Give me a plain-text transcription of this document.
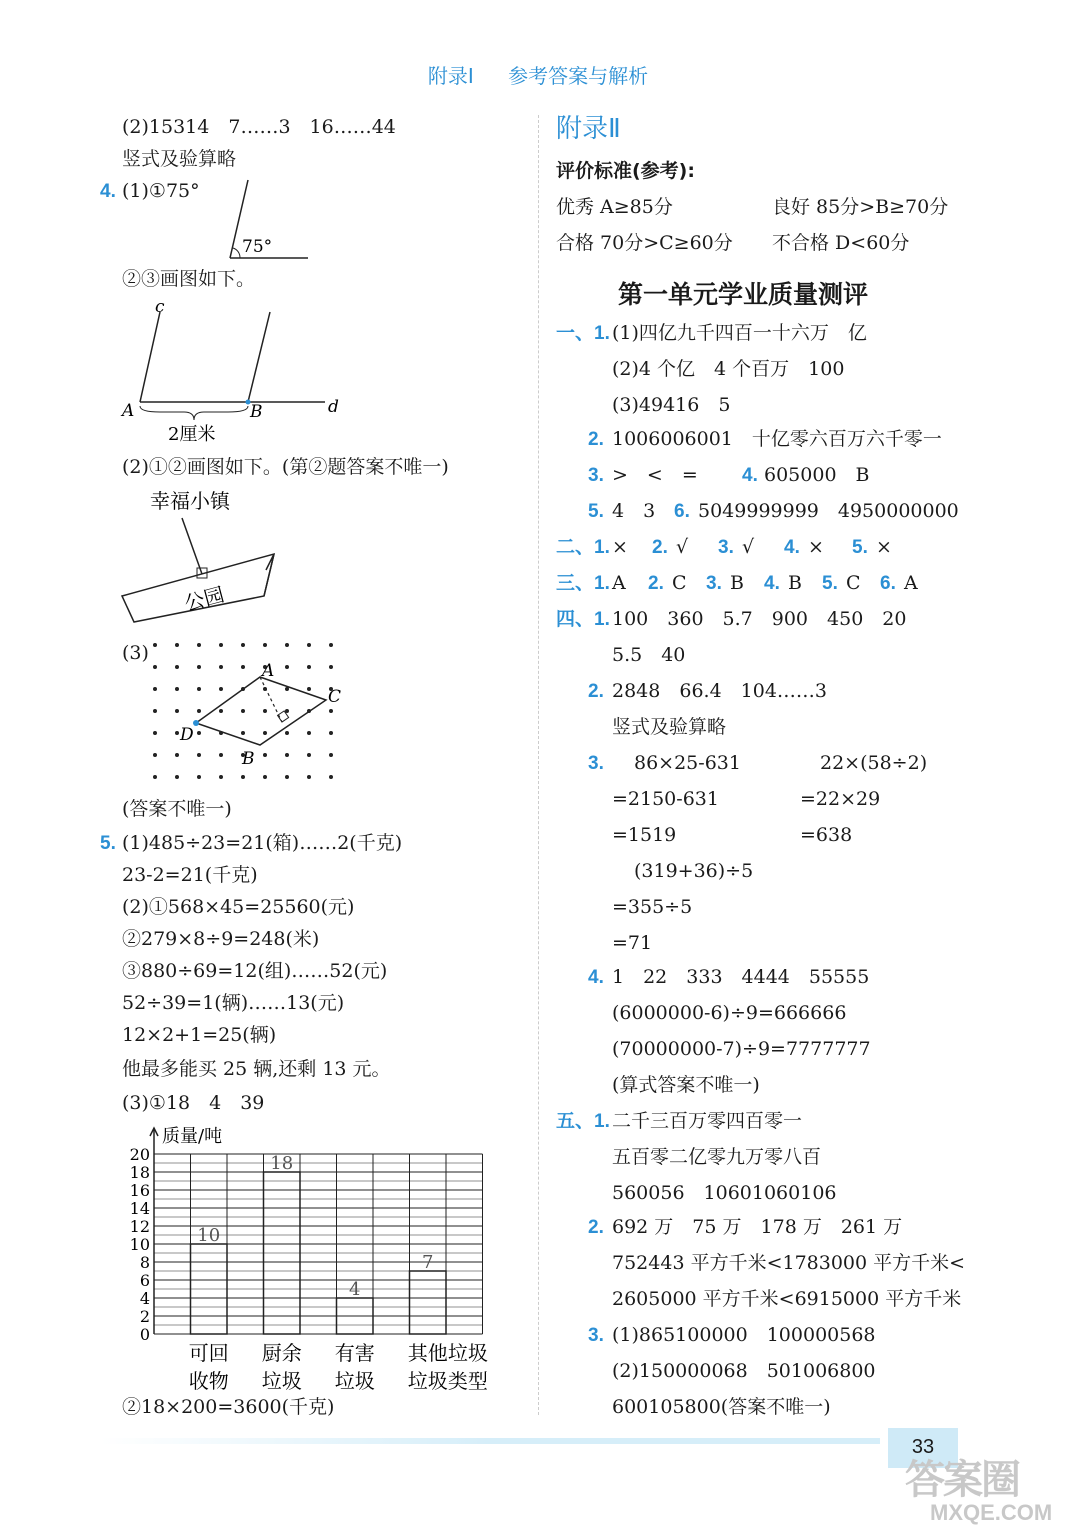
附录Ⅰ 参考答案与解析
(2)15314　7……3　16……44
竖式及验算略
4. (1)①75°
75°
②③画图如下。
c
A	B	d
2厘米
(2)①②画图如下。(第②题答案不唯一)
幸福小镇
公园
(3)
A
C
D
B
(答案不唯一)
5. (1)485÷23=21(箱)……2(千克)
23-2=21(千克)
(2)①568×45=25560(元)
②279×8÷9=248(米)
③880÷69=12(组)……52(元)
52÷39=1(辆)……13(元)
12×2+1=25(辆)
他最多能买 25 辆,还剩 13 元。
(3)①18　4　39
0
2
4
6
8
10
12
14
16
18
20
10
18
4
7
可回
收物
厨余
垃圾
有害
垃圾
其他
垃圾
垃圾
类型
质量/吨
②18×200=3600(千克)
附录Ⅱ
评价标准(参考):
优秀 A≥85分	良好 85分>B≥70分
合格 70分>C≥60分 不合格 D<60分
第一单元学业质量测评
一、1. (1)四亿九千四百一十六万　亿
(2)4 个亿　4 个百万　100
(3)49416　5
2. 1006006001　十亿零六百万六千零一
3. >　<　= 4. 605000　B
5. 4　3 6. 5049999999　4950000000
二、1. × 2. √ 3. √ 4. × 5. ×
三、1. A 2. C 3. B 4. B 5. C 6. A
四、1. 100　360　5.7　900　450　20
5.5　40
2. 2848　66.4　104……3
竖式及验算略
3. 86×25-631
=2150-631
=1519
22×(58÷2)
=22×29
=638
(319+36)÷5
=355÷5
=71
4. 1　22　333　4444　55555
(6000000-6)÷9=666666
(70000000-7)÷9=7777777
(算式答案不唯一)
五、1. 二千三百万零四百零一
五百零二亿零九万零八百
560056　10601060106
2. 692 万　75 万　178 万　261 万
752443 平方千米<1783000 平方千米<
2605000 平方千米<6915000 平方千米
3. (1)865100000　100000568
(2)150000068　501006800
600105800(答案不唯一)
33
答案圈
MXQE.COM
